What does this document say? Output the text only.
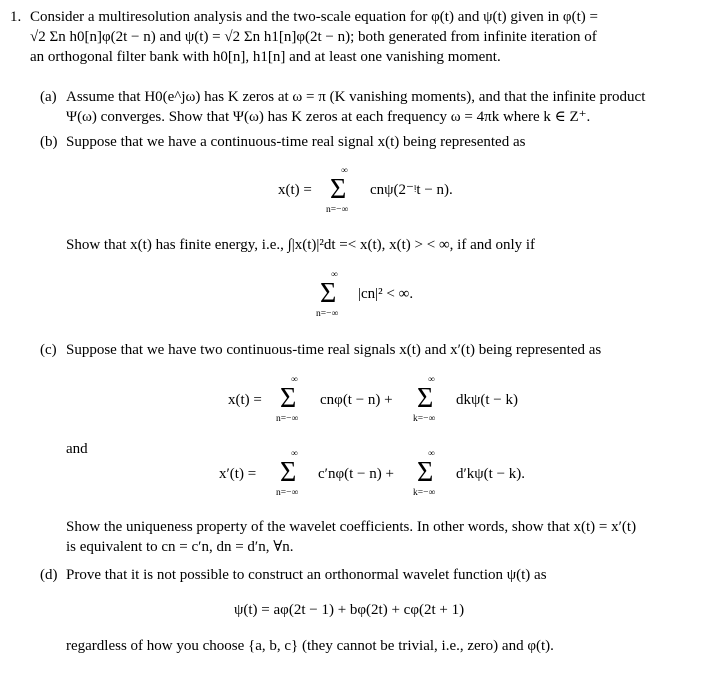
1. Consider a multiresolution analysis and the two-scale equation for φ(t) and ψ(t) given in φ(t) =
√2 Σn h0[n]φ(2t − n) and ψ(t) = √2 Σn h1[n]φ(2t − n); both generated from infinite iteration of
an orthogonal filter bank with h0[n], h1[n] and at least one vanishing moment.
(a) Assume that H0(e^jω) has K zeros at ω = π (K vanishing moments), and that the infinite product
Ψ(ω) converges. Show that Ψ(ω) has K zeros at each frequency ω = 4πk where k ∈ Z⁺.
(b) Suppose that we have a continuous-time real signal x(t) being represented as
x(t) =
∞
Σ
n=−∞
cnψ(2⁻ᵎt − n).
Show that x(t) has finite energy, i.e., ∫|x(t)|²dt =< x(t), x(t) > < ∞, if and only if
∞
Σ
n=−∞
|cn|² < ∞.
(c) Suppose that we have two continuous-time real signals x(t) and x′(t) being represented as
x(t) =
∞
Σ
n=−∞
cnφ(t − n) +
∞
Σ
k=−∞
dkψ(t − k)
and
x′(t) =
∞
Σ
n=−∞
c′nφ(t − n) +
∞
Σ
k=−∞
d′kψ(t − k).
Show the uniqueness property of the wavelet coefficients. In other words, show that x(t) = x′(t)
is equivalent to cn = c′n, dn = d′n, ∀n.
(d) Prove that it is not possible to construct an orthonormal wavelet function ψ(t) as
ψ(t) = aφ(2t − 1) + bφ(2t) + cφ(2t + 1)
regardless of how you choose {a, b, c} (they cannot be trivial, i.e., zero) and φ(t).
